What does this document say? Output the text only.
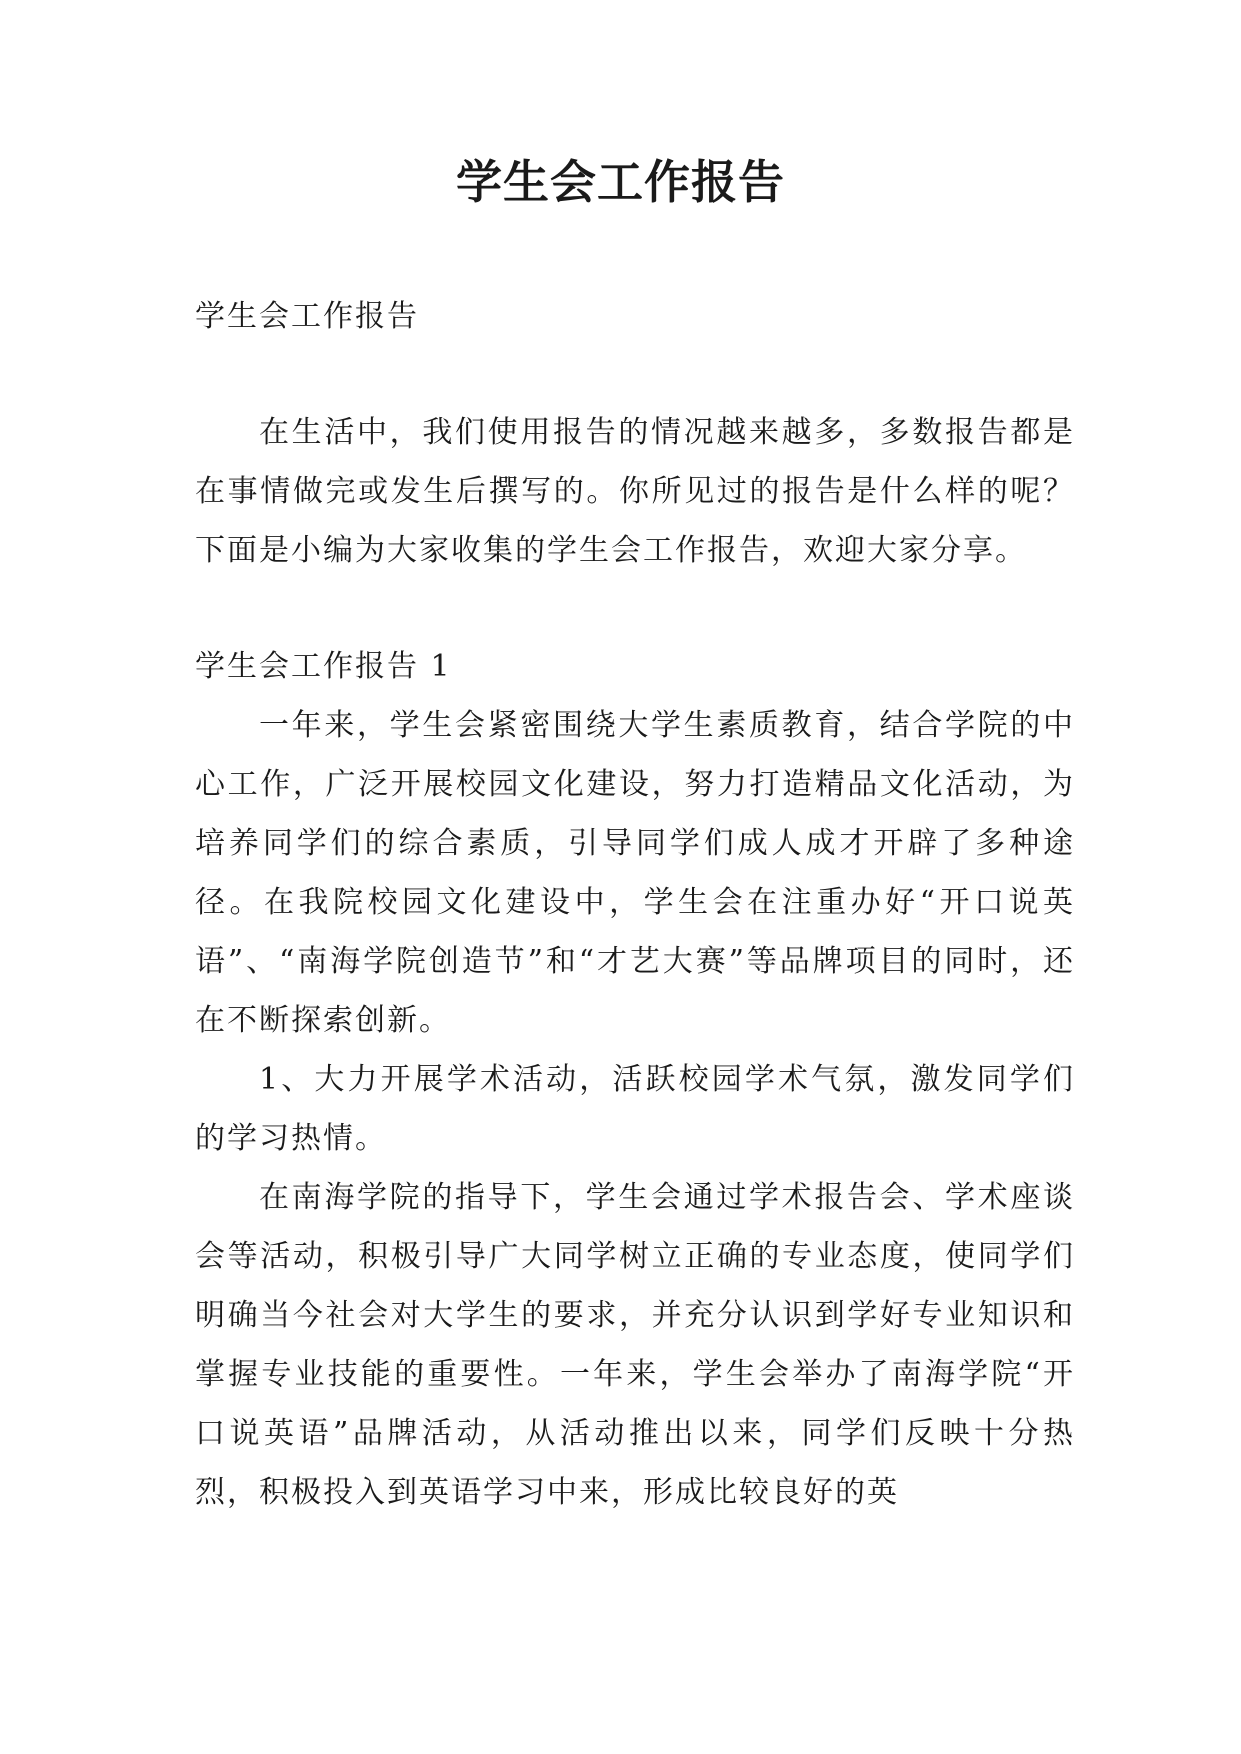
学生会工作报告

学生会工作报告

在生活中，我们使用报告的情况越来越多，多数报告都是在事情做完或发生后撰写的。你所见过的报告是什么样的呢？下面是小编为大家收集的学生会工作报告，欢迎大家分享。

学生会工作报告 1

一年来，学生会紧密围绕大学生素质教育，结合学院的中心工作，广泛开展校园文化建设，努力打造精品文化活动，为培养同学们的综合素质，引导同学们成人成才开辟了多种途径。在我院校园文化建设中，学生会在注重办好“开口说英语”、“南海学院创造节”和“才艺大赛”等品牌项目的同时，还在不断探索创新。

1、大力开展学术活动，活跃校园学术气氛，激发同学们的学习热情。

在南海学院的指导下，学生会通过学术报告会、学术座谈会等活动，积极引导广大同学树立正确的专业态度，使同学们明确当今社会对大学生的要求，并充分认识到学好专业知识和掌握专业技能的重要性。一年来，学生会举办了南海学院“开口说英语”品牌活动，从活动推出以来，同学们反映十分热烈，积极投入到英语学习中来，形成比较良好的英
